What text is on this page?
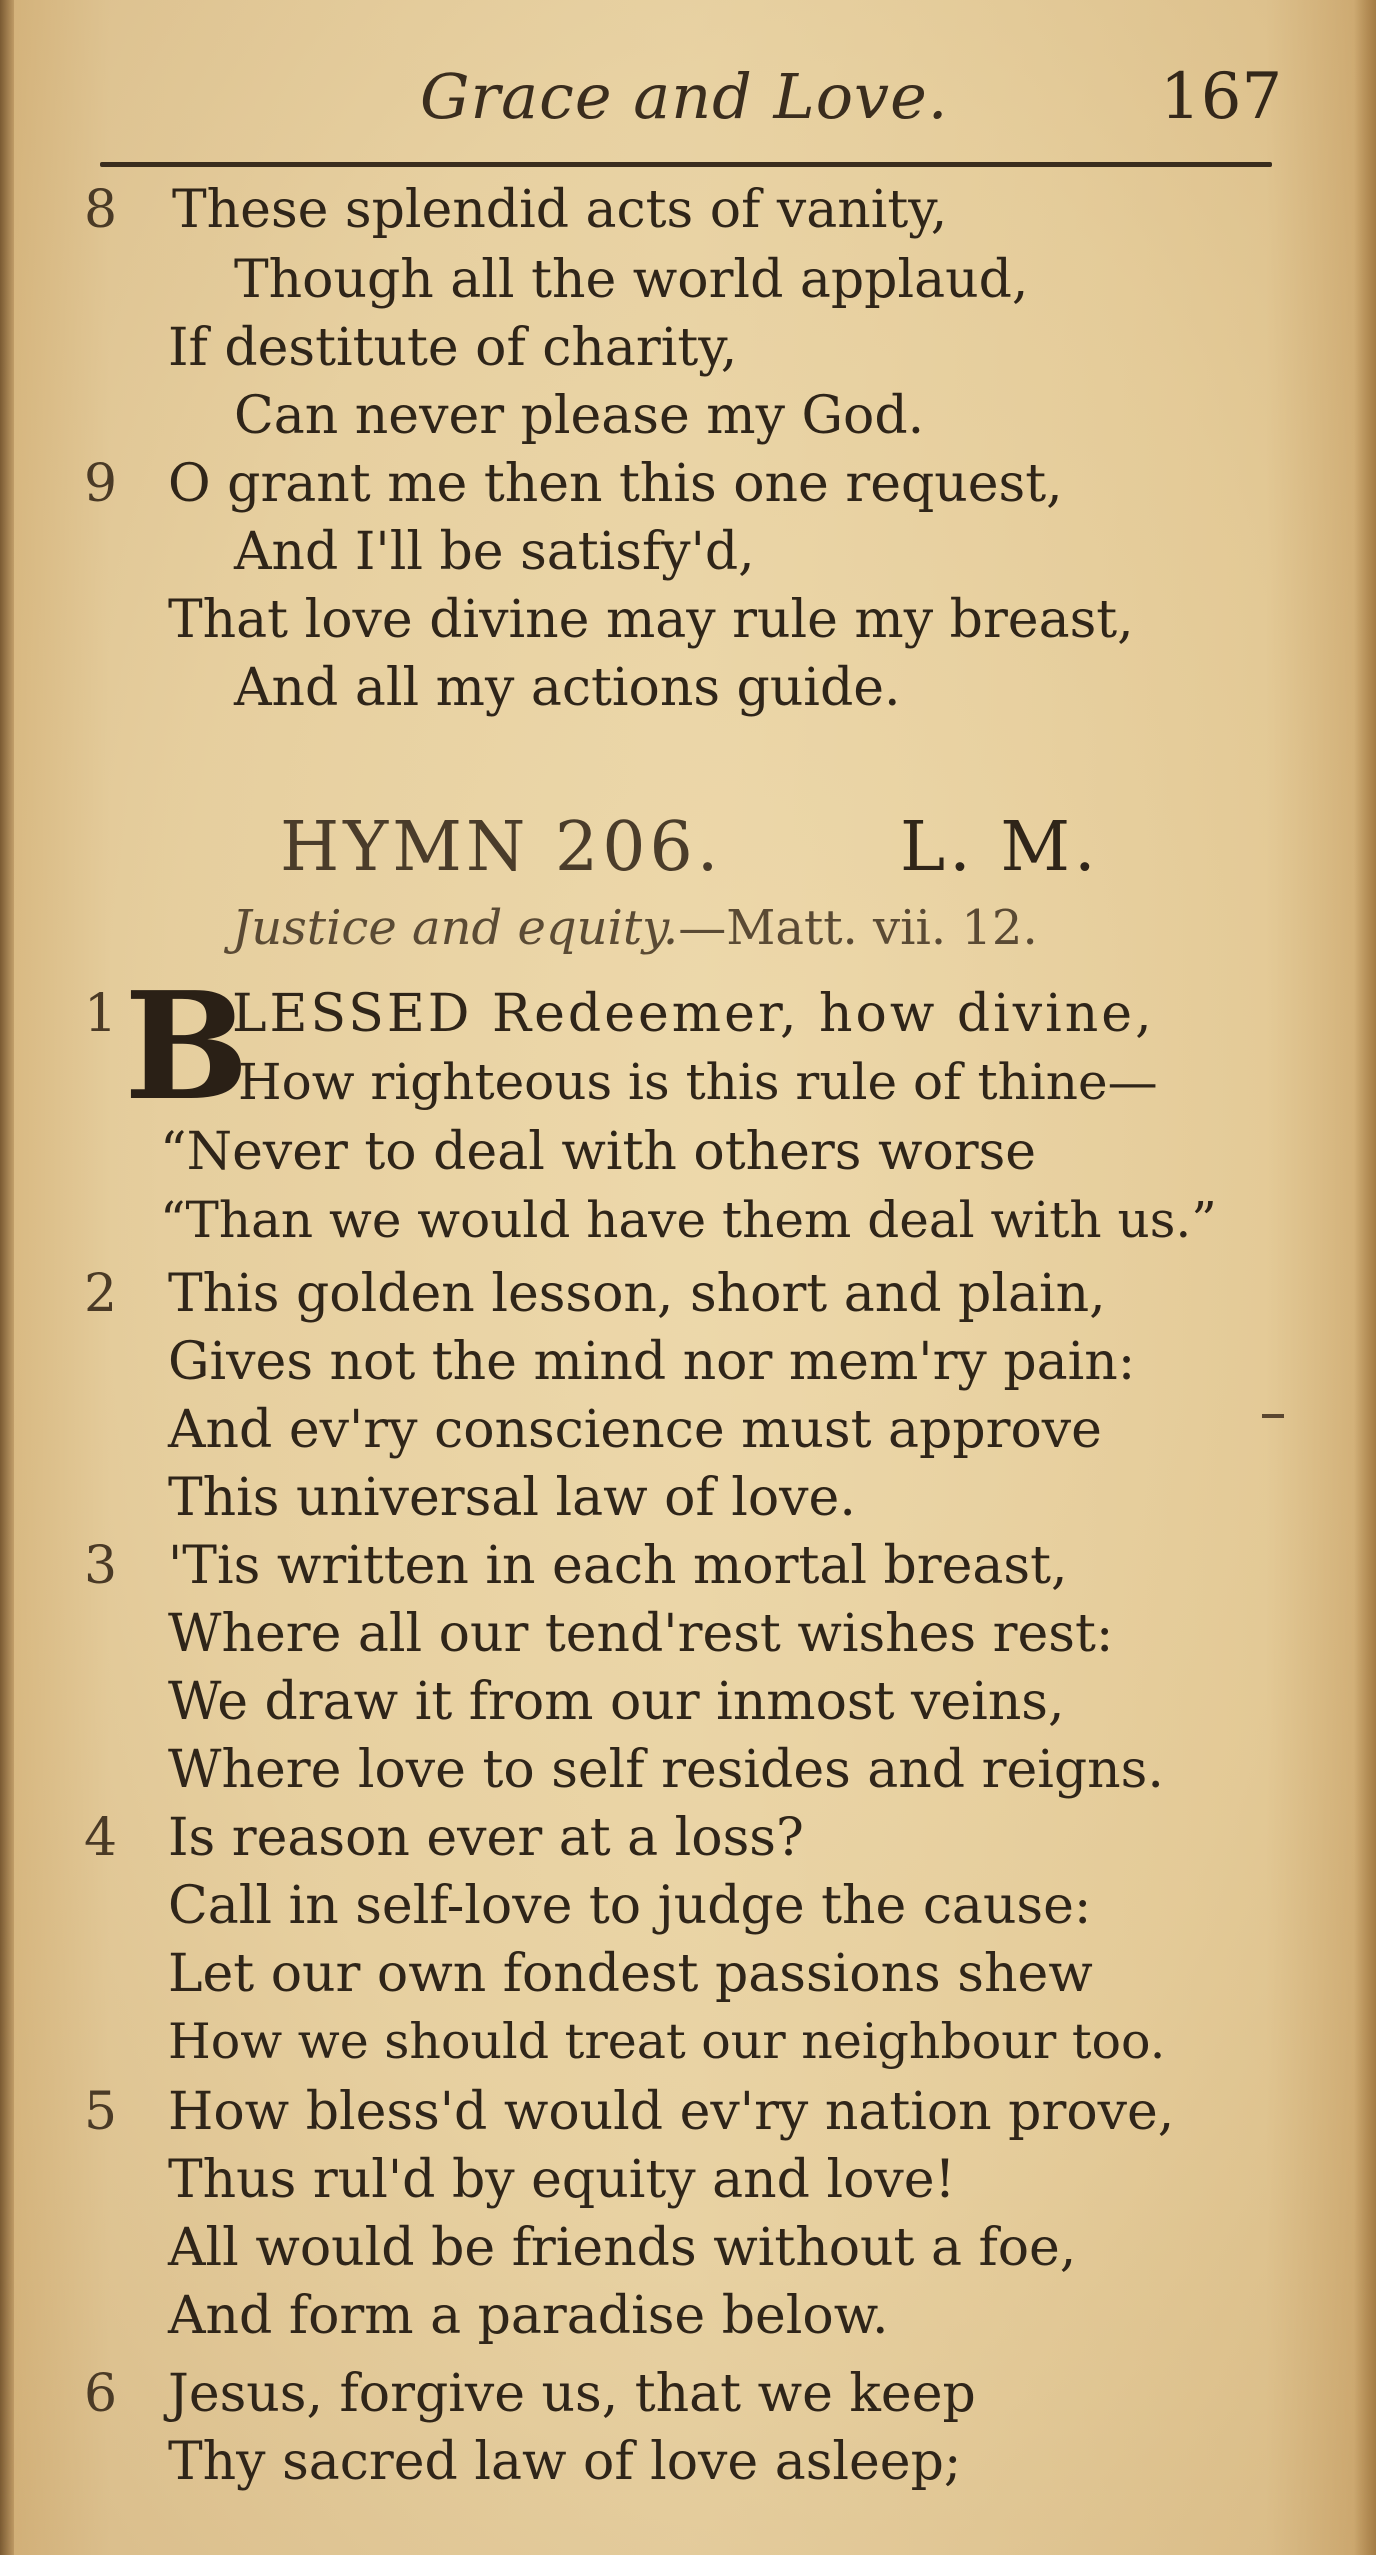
Grace and Love.	167
8 These splendid acts of vanity,
Though all the world applaud,
If destitute of charity,
Can never please my God.
9 O grant me then this one request,
And I'll be satisfy'd,
That love divine may rule my breast,
And all my actions guide.
HYMN 206.	L. M.
Justice and equity.—Matt. vii. 12.
1 B
LESSED Redeemer, how divine,
How righteous is this rule of thine—
“Never to deal with others worse
“Than we would have them deal with us.”
2 This golden lesson, short and plain,
Gives not the mind nor mem'ry pain:
And ev'ry conscience must approve
This universal law of love.
3 'Tis written in each mortal breast,
Where all our tend'rest wishes rest:
We draw it from our inmost veins,
Where love to self resides and reigns.
4 Is reason ever at a loss?
Call in self-love to judge the cause:
Let our own fondest passions shew
How we should treat our neighbour too.
5 How bless'd would ev'ry nation prove,
Thus rul'd by equity and love!
All would be friends without a foe,
And form a paradise below.
6 Jesus, forgive us, that we keep
Thy sacred law of love asleep;
